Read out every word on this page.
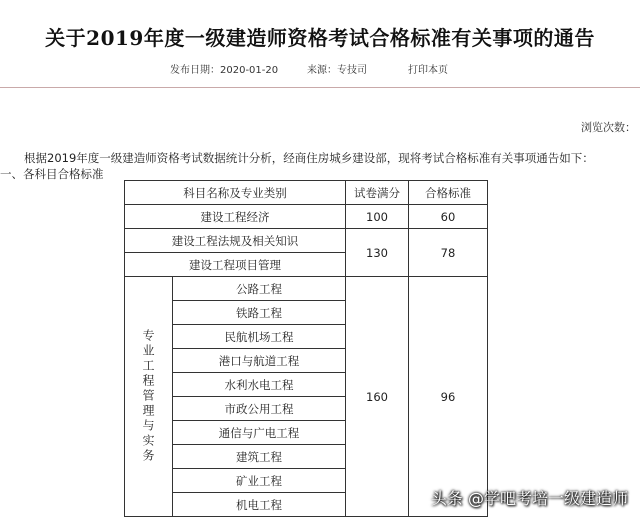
关于2019年度一级建造师资格考试合格标准有关事项的通告
发布日期：2020-01-20	来源：专技司	打印本页
浏览次数：
根据2019年度一级建造师资格考试数据统计分析，经商住房城乡建设部，现将考试合格标准有关事项通告如下：
一、各科目合格标准
科目名称及专业类别		试卷满分	合格标准
建设工程经济		100	60
建设工程法规及相关知识		130	78
建设工程项目管理			

专业工程管理与实务	公路工程	160	96
	铁路工程		
	民航机场工程		
	港口与航道工程		
	水利水电工程		
	市政公用工程		
	通信与广电工程		
	建筑工程		
	矿业工程		
	机电工程			头条 @学吧考培一级建造师
